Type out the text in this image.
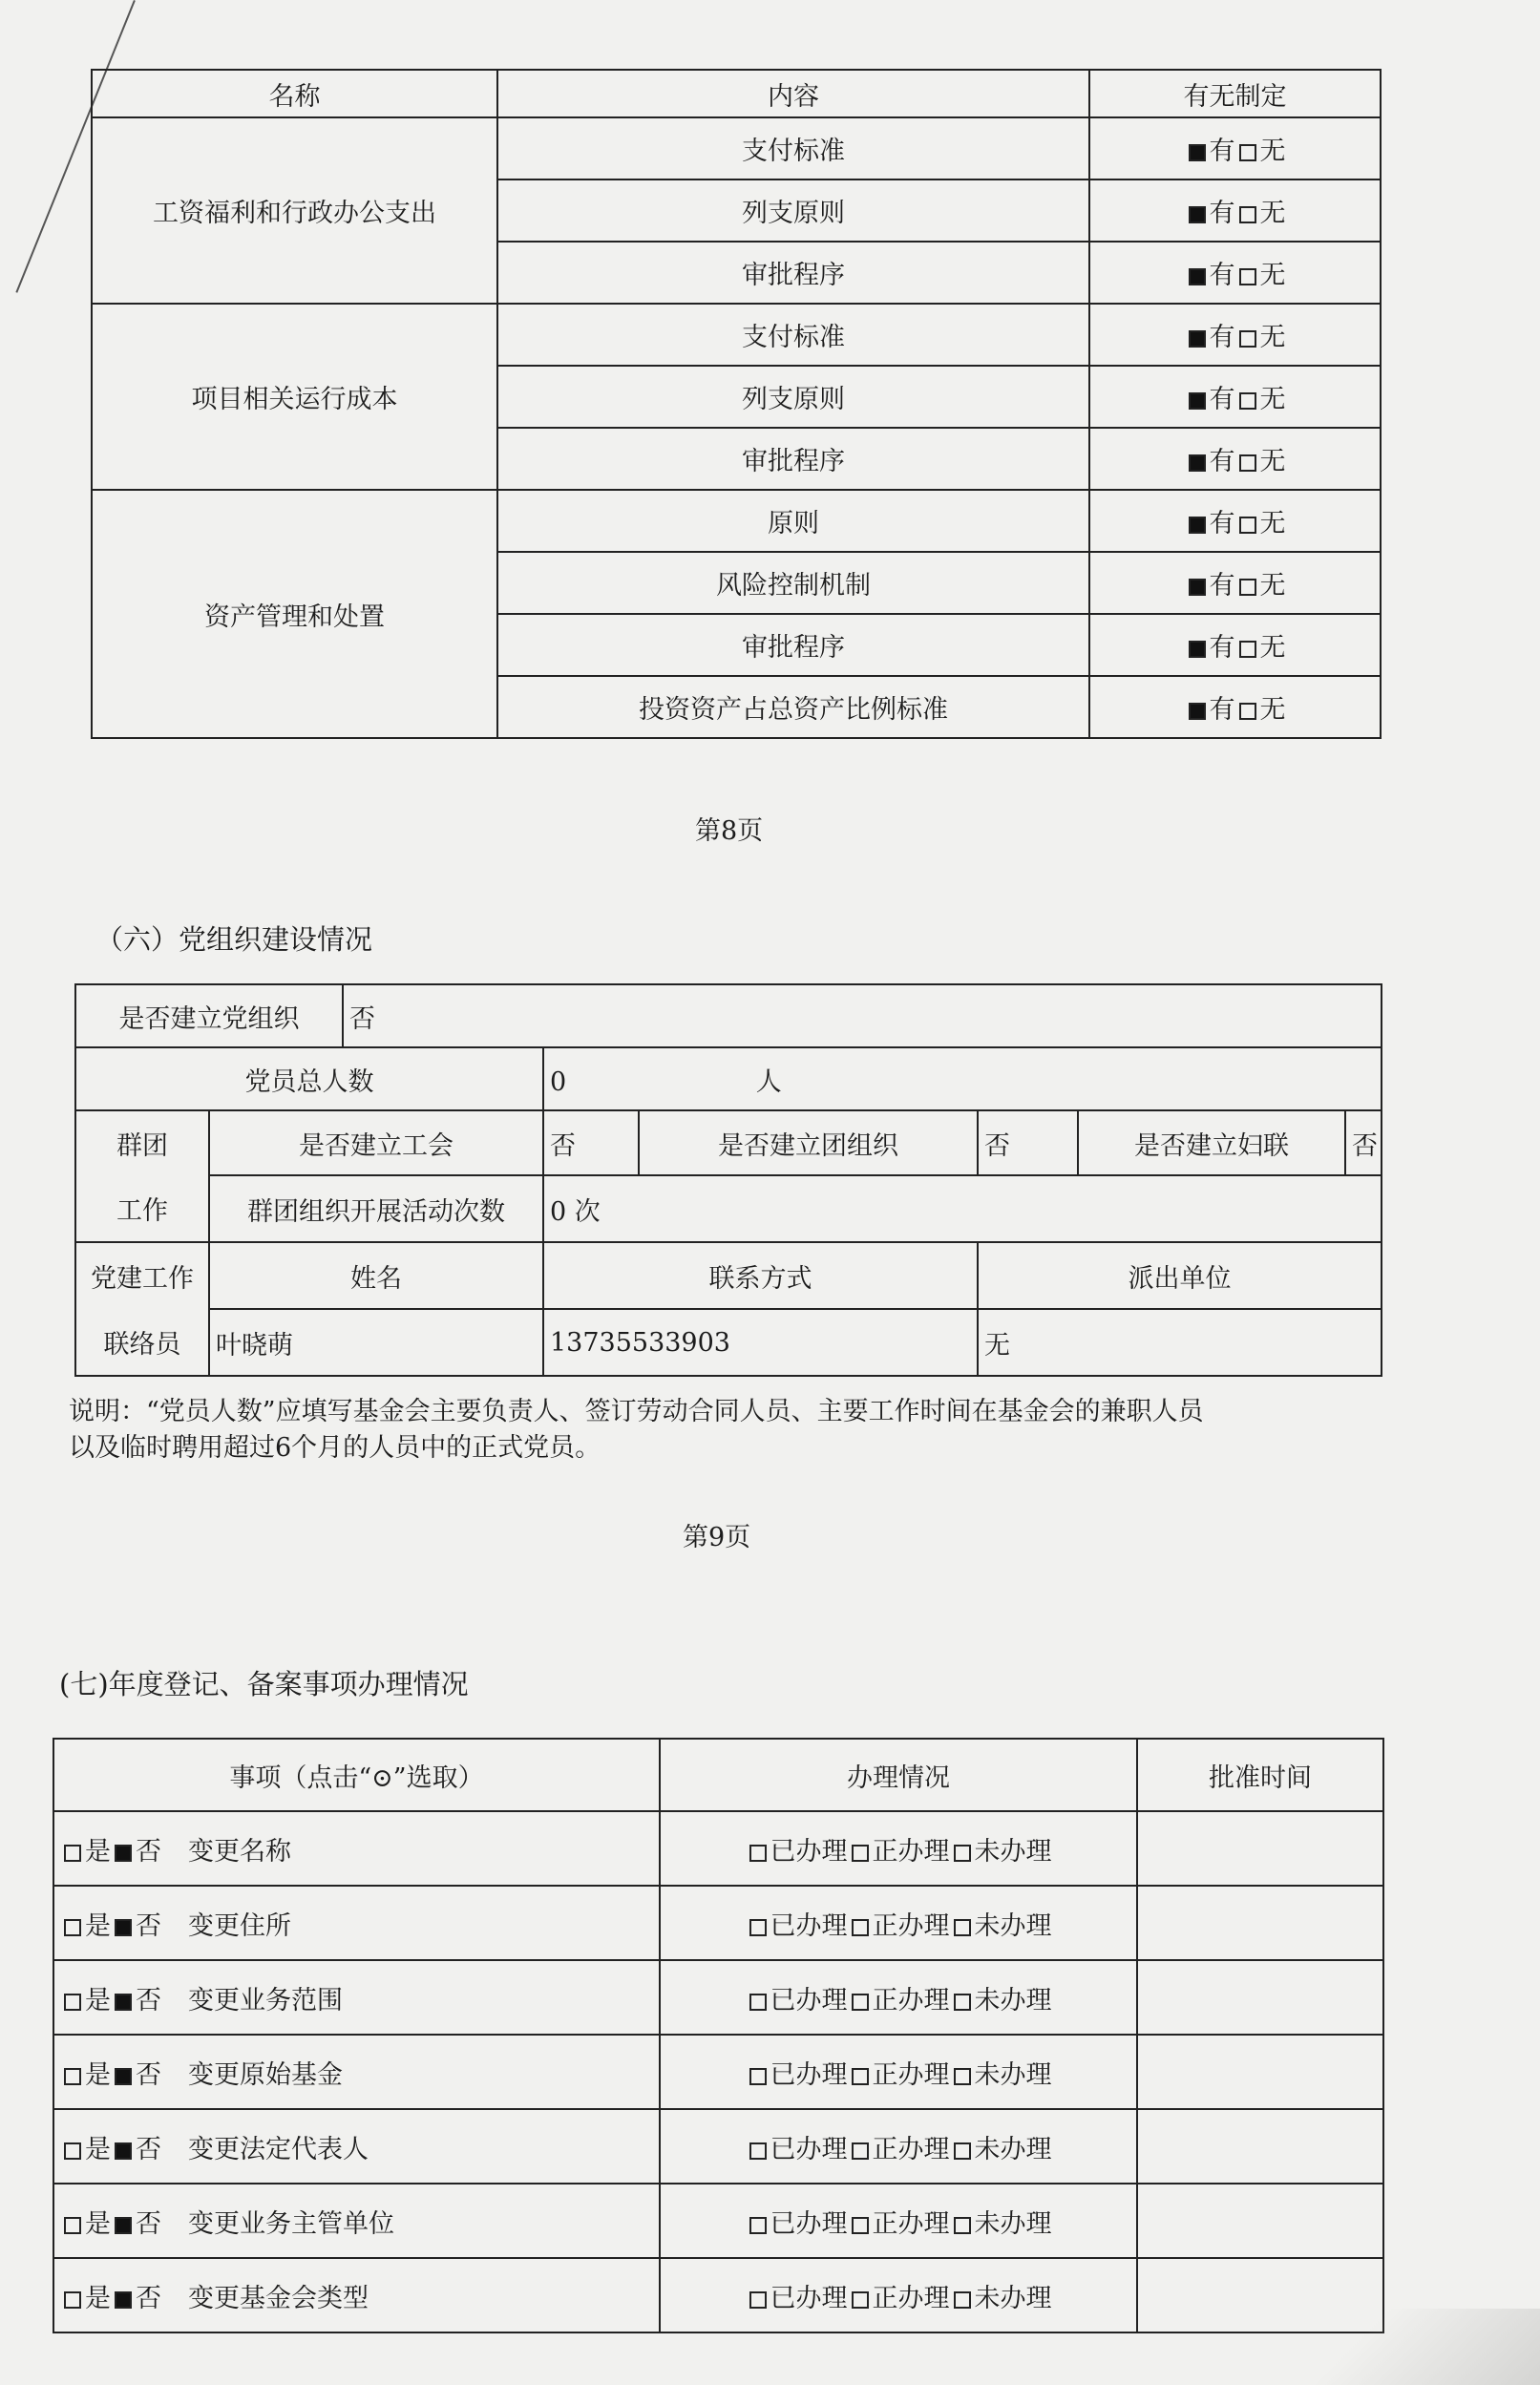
名称	内容	有无制定
工资福利和行政办公支出	支付标准	有 无
	列支原则	有 无
	审批程序	有 无
项目相关运行成本	支付标准	有 无
	列支原则	有 无
	审批程序	有 无
资产管理和处置	原则	有 无
	风险控制机制	有 无
	审批程序	有 无
	投资资产占总资产比例标准	有 无
第8页
（六）党组织建设情况
是否建立党组织		否					
党员总人数			0 人				
群团	是否建立工会		否	是否建立团组织	否	是否建立妇联	否
工作	群团组织开展活动次数		0 次				
党建工作	姓名		联系方式		派出单位		
联络员	叶晓萌		13735533903		无		
说明：“党员人数”应填写基金会主要负责人、签订劳动合同人员、主要工作时间在基金会的兼职人员
以及临时聘用超过6个月的人员中的正式党员。
第9页
(七)年度登记、备案事项办理情况
事项（点击“⊙”选取）	办理情况	批准时间
是 否 变更名称	已办理 正办理 未办理	
是 否 变更住所	已办理 正办理 未办理	
是 否 变更业务范围	已办理 正办理 未办理	
是 否 变更原始基金	已办理 正办理 未办理	
是 否 变更法定代表人	已办理 正办理 未办理	
是 否 变更业务主管单位	已办理 正办理 未办理	
是 否 变更基金会类型	已办理 正办理 未办理	
